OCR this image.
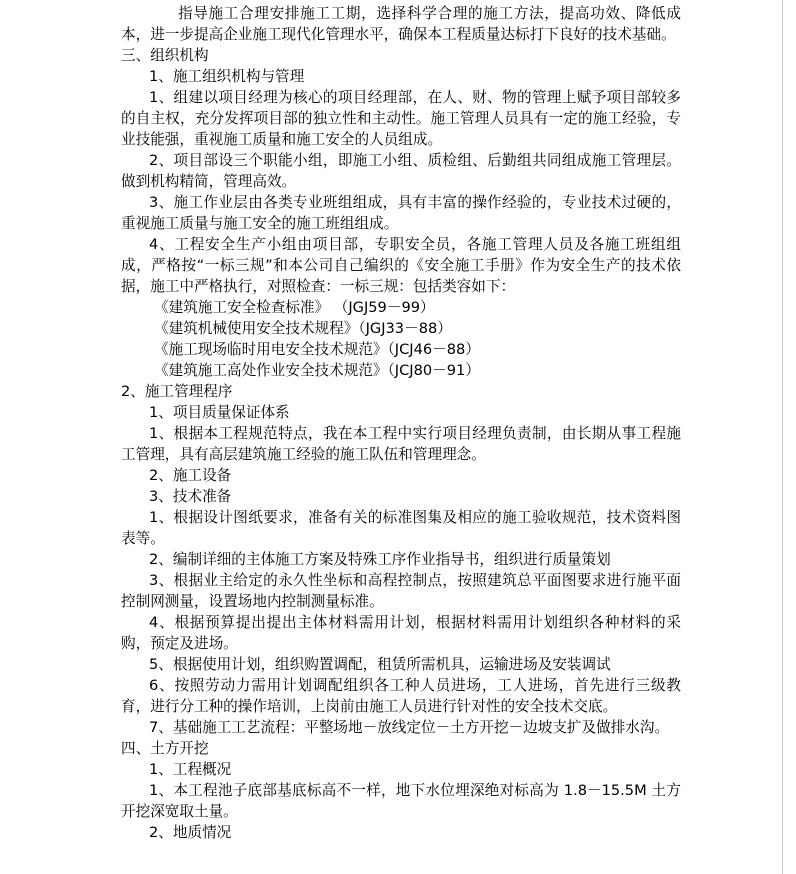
指导施工合理安排施工工期，选择科学合理的施工方法，提高功效、降低成本，进一步提高企业施工现代化管理水平，确保本工程质量达标打下良好的技术基础。

三、组织机构

1、施工组织机构与管理

1、组建以项目经理为核心的项目经理部，在人、财、物的管理上赋予项目部较多的自主权，充分发挥项目部的独立性和主动性。施工管理人员具有一定的施工经验，专业技能强，重视施工质量和施工安全的人员组成。

2、项目部设三个职能小组，即施工小组、质检组、后勤组共同组成施工管理层。做到机构精简，管理高效。

3、施工作业层由各类专业班组组成，具有丰富的操作经验的，专业技术过硬的，重视施工质量与施工安全的施工班组组成。

4、工程安全生产小组由项目部，专职安全员，各施工管理人员及各施工班组组成，严格按“一标三规”和本公司自己编织的《安全施工手册》作为安全生产的技术依据，施工中严格执行，对照检查：一标三规：包括类容如下：

《建筑施工安全检查标准》 （JGJ59－99）

《建筑机械使用安全技术规程》（JGJ33－88）

《施工现场临时用电安全技术规范》（JCJ46－88）

《建筑施工高处作业安全技术规范》（JCJ80－91）

2、施工管理程序

1、项目质量保证体系

1、根据本工程规范特点，我在本工程中实行项目经理负责制，由长期从事工程施工管理，具有高层建筑施工经验的施工队伍和管理理念。

2、施工设备

3、技术准备

1、根据设计图纸要求，准备有关的标准图集及相应的施工验收规范，技术资料图表等。

2、编制详细的主体施工方案及特殊工序作业指导书，组织进行质量策划

3、根据业主给定的永久性坐标和高程控制点，按照建筑总平面图要求进行施平面控制网测量，设置场地内控制测量标准。

4、根据预算提出提出主体材料需用计划，根据材料需用计划组织各种材料的采购，预定及进场。

5、根据使用计划，组织购置调配，租赁所需机具，运输进场及安装调试

6、按照劳动力需用计划调配组织各工种人员进场，工人进场，首先进行三级教育，进行分工种的操作培训，上岗前由施工人员进行针对性的安全技术交底。

7、基础施工工艺流程：平整场地－放线定位－土方开挖－边坡支扩及做排水沟。

四、土方开挖

1、工程概况

1、本工程池子底部基底标高不一样，地下水位埋深绝对标高为 1.8－15.5M 土方开挖深宽取土量。

2、地质情况
